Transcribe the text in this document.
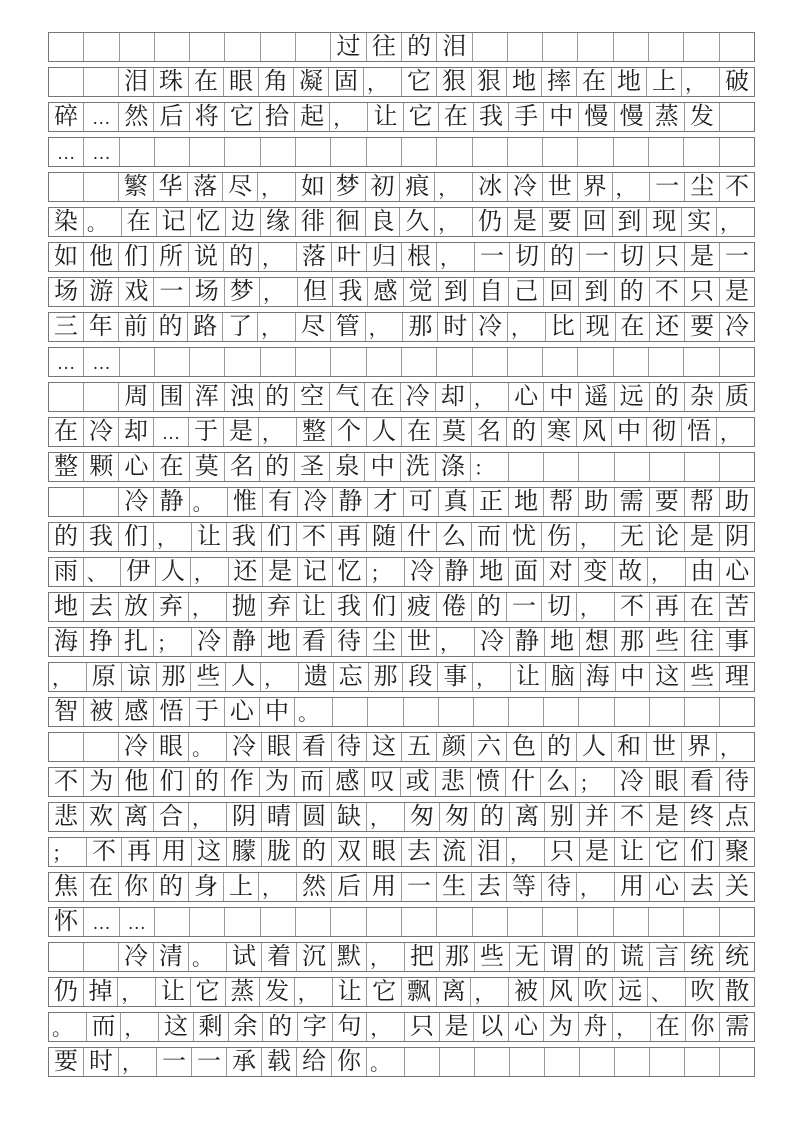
过 往 的 泪
泪 珠 在 眼 角 凝 固 ， 它 狠 狠 地 摔 在 地 上 ， 破
碎 … 然 后 将 它 拾 起 ， 让 它 在 我 手 中 慢 慢 蒸 发
… …
繁 华 落 尽 ， 如 梦 初 痕 ， 冰 冷 世 界 ， 一 尘 不
染 。 在 记 忆 边 缘 徘 徊 良 久 ， 仍 是 要 回 到 现 实 ，
如 他 们 所 说 的 ， 落 叶 归 根 ， 一 切 的 一 切 只 是 一
场 游 戏 一 场 梦 ， 但 我 感 觉 到 自 己 回 到 的 不 只 是
三 年 前 的 路 了 ， 尽 管 ， 那 时 冷 ， 比 现 在 还 要 冷
… …
周 围 浑 浊 的 空 气 在 冷 却 ， 心 中 遥 远 的 杂 质
在 冷 却 … 于 是 ， 整 个 人 在 莫 名 的 寒 风 中 彻 悟 ，
整 颗 心 在 莫 名 的 圣 泉 中 洗 涤 ：
冷 静 。 惟 有 冷 静 才 可 真 正 地 帮 助 需 要 帮 助
的 我 们 ， 让 我 们 不 再 随 什 么 而 忧 伤 ， 无 论 是 阴
雨 、 伊 人 ， 还 是 记 忆 ； 冷 静 地 面 对 变 故 ， 由 心
地 去 放 弃 ， 抛 弃 让 我 们 疲 倦 的 一 切 ， 不 再 在 苦
海 挣 扎 ； 冷 静 地 看 待 尘 世 ， 冷 静 地 想 那 些 往 事
， 原 谅 那 些 人 ， 遗 忘 那 段 事 ， 让 脑 海 中 这 些 理
智 被 感 悟 于 心 中 。
冷 眼 。 冷 眼 看 待 这 五 颜 六 色 的 人 和 世 界 ，
不 为 他 们 的 作 为 而 感 叹 或 悲 愤 什 么 ； 冷 眼 看 待
悲 欢 离 合 ， 阴 晴 圆 缺 ， 匆 匆 的 离 别 并 不 是 终 点
； 不 再 用 这 朦 胧 的 双 眼 去 流 泪 ， 只 是 让 它 们 聚
焦 在 你 的 身 上 ， 然 后 用 一 生 去 等 待 ， 用 心 去 关
怀 … …
冷 清 。 试 着 沉 默 ， 把 那 些 无 谓 的 谎 言 统 统
仍 掉 ， 让 它 蒸 发 ， 让 它 飘 离 ， 被 风 吹 远 、 吹 散
。 而 ， 这 剩 余 的 字 句 ， 只 是 以 心 为 舟 ， 在 你 需
要 时 ， 一 一 承 载 给 你 。
